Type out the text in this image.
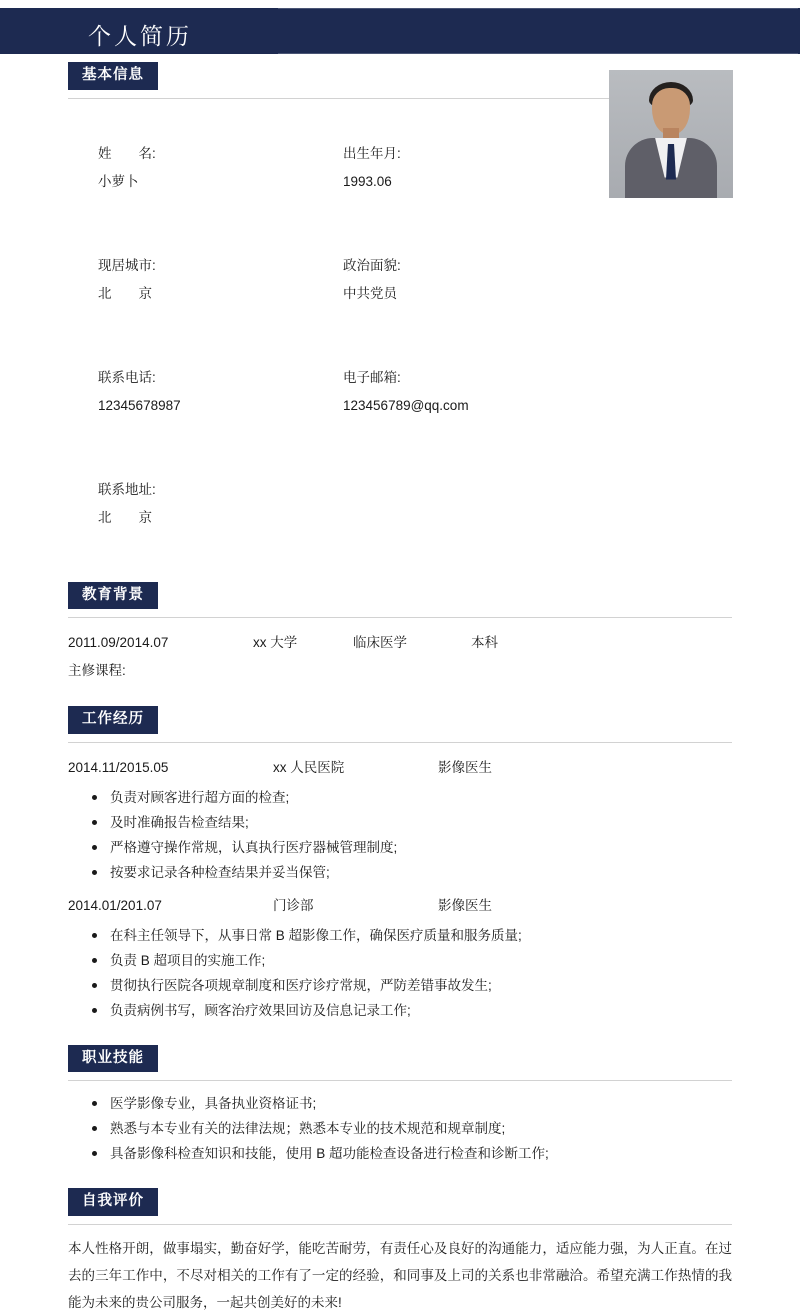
个人简历
基本信息

姓　　名:
小萝卜

出生年月:
1993.06

现居城市:
北　　京

政治面貌:
中共党员

联系电话:
12345678987

电子邮箱:
123456789@qq.com

联系地址:
北　　京

教育背景
2011.09/2014.07	xx 大学	临床医学	本科
主修课程:
工作经历
2014.11/2015.05	xx 人民医院	影像医生
负责对顾客进行超方面的检查;
及时准确报告检查结果;
严格遵守操作常规，认真执行医疗器械管理制度;
按要求记录各种检查结果并妥当保管;
2014.01/201.07	门诊部	影像医生
在科主任领导下，从事日常 B 超影像工作，确保医疗质量和服务质量;
负责 B 超项目的实施工作;
贯彻执行医院各项规章制度和医疗诊疗常规，严防差错事故发生;
负责病例书写，顾客治疗效果回访及信息记录工作;
职业技能
医学影像专业，具备执业资格证书;
熟悉与本专业有关的法律法规；熟悉本专业的技术规范和规章制度;
具备影像科检查知识和技能，使用 B 超功能检查设备进行检查和诊断工作;
自我评价
本人性格开朗，做事塌实，勤奋好学，能吃苦耐劳，有责任心及良好的沟通能力，适应能力强，为人正直。在过去的三年工作中，不尽对相关的工作有了一定的经验，和同事及上司的关系也非常融洽。希望充满工作热情的我能为未来的贵公司服务，一起共创美好的未来!
